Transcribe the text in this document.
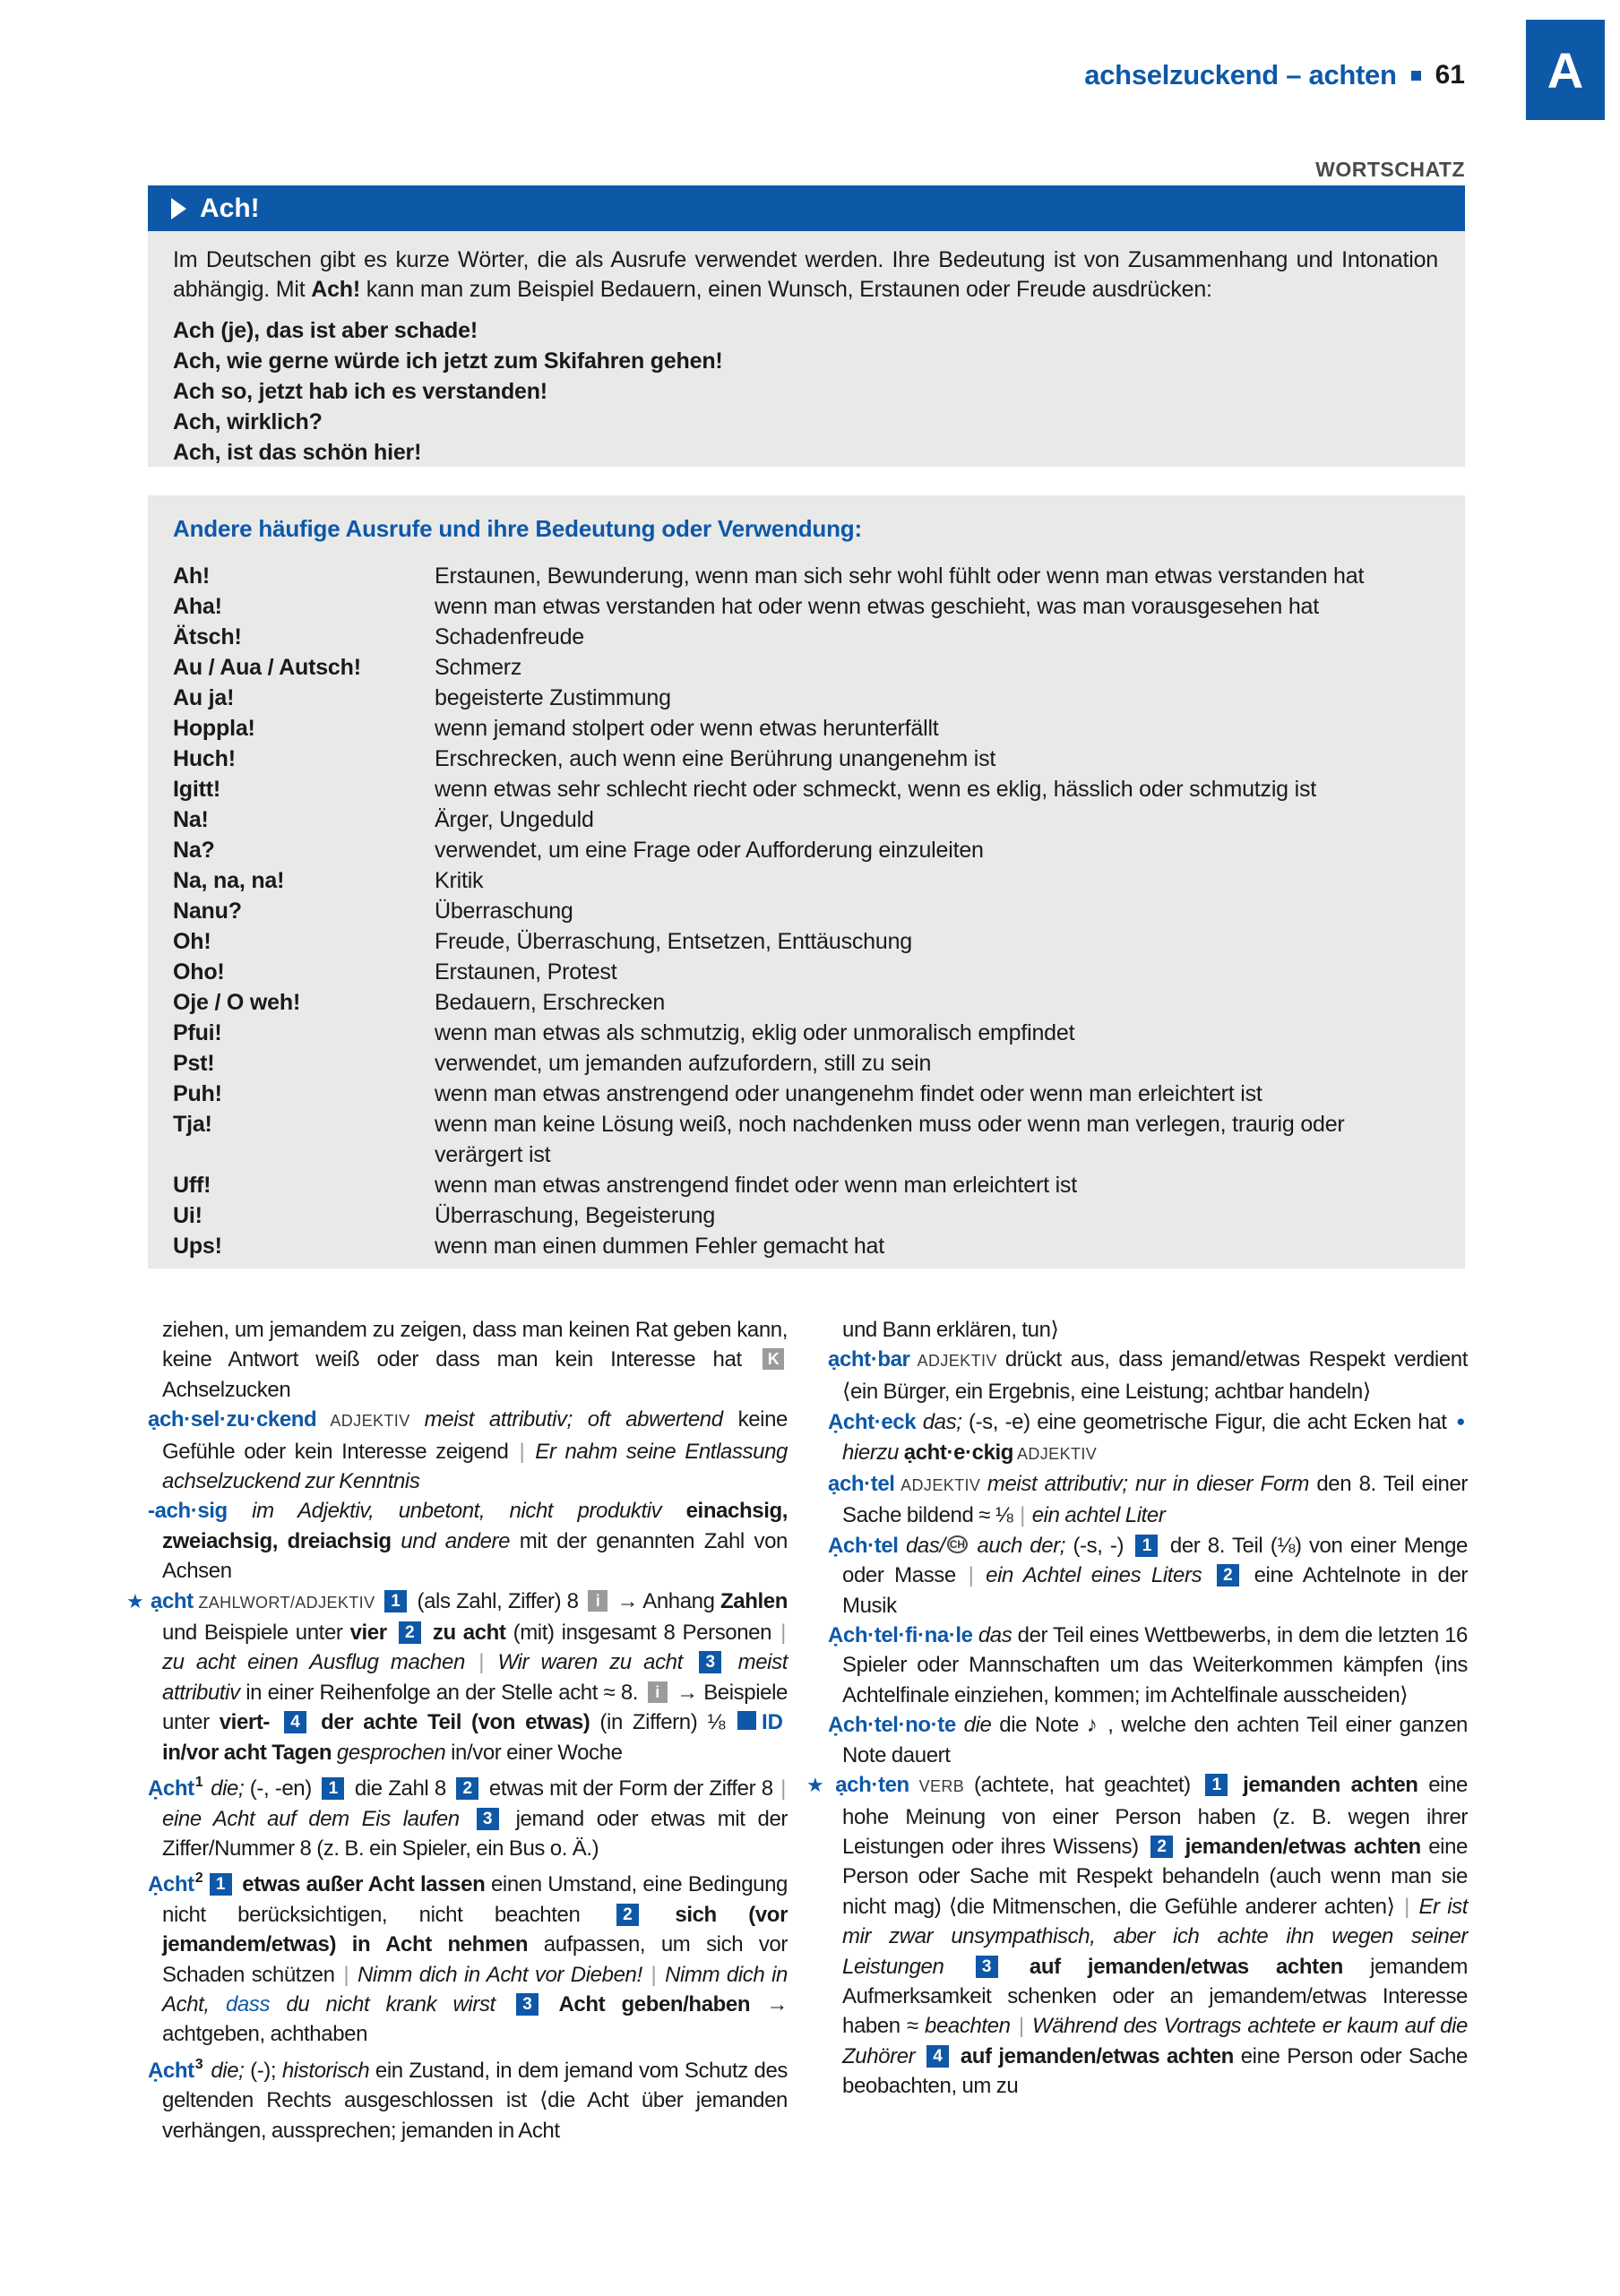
A
achselzuckend – achten 61
WORTSCHATZ
Ach!
Im Deutschen gibt es kurze Wörter, die als Ausrufe verwendet werden. Ihre Bedeutung ist von Zusammenhang und Intonation abhängig. Mit Ach! kann man zum Beispiel Bedauern, einen Wunsch, Erstaunen oder Freude ausdrücken:
Ach (je), das ist aber schade!
Ach, wie gerne würde ich jetzt zum Skifahren gehen!
Ach so, jetzt hab ich es verstanden!
Ach, wirklich?
Ach, ist das schön hier!
Andere häufige Ausrufe und ihre Bedeutung oder Verwendung:
Ah!	Erstaunen, Bewunderung, wenn man sich sehr wohl fühlt oder wenn man etwas verstanden hat
Aha!	wenn man etwas verstanden hat oder wenn etwas geschieht, was man vorausgesehen hat
Ätsch!	Schadenfreude
Au / Aua / Autsch!	Schmerz
Au ja!	begeisterte Zustimmung
Hoppla!	wenn jemand stolpert oder wenn etwas herunterfällt
Huch!	Erschrecken, auch wenn eine Berührung unangenehm ist
Igitt!	wenn etwas sehr schlecht riecht oder schmeckt, wenn es eklig, hässlich oder schmutzig ist
Na!	Ärger, Ungeduld
Na?	verwendet, um eine Frage oder Aufforderung einzuleiten
Na, na, na!	Kritik
Nanu?	Überraschung
Oh!	Freude, Überraschung, Entsetzen, Enttäuschung
Oho!	Erstaunen, Protest
Oje / O weh!	Bedauern, Erschrecken
Pfui!	wenn man etwas als schmutzig, eklig oder unmoralisch empfindet
Pst!	verwendet, um jemanden aufzufordern, still zu sein
Puh!	wenn man etwas anstrengend oder unangenehm findet oder wenn man erleichtert ist
Tja!	wenn man keine Lösung weiß, noch nachdenken muss oder wenn man verlegen, traurig oder verärgert ist
Uff!	wenn man etwas anstrengend findet oder wenn man erleichtert ist
Ui!	Überraschung, Begeisterung
Ups!	wenn man einen dummen Fehler gemacht hat
ziehen, um jemandem zu zeigen, dass man keinen Rat geben kann, keine Antwort weiß oder dass man kein Interesse hat K Achselzucken
ạch·sel·zu·ckend ADJEKTIV meist attributiv; oft abwertend keine Gefühle oder kein Interesse zeigend | Er nahm seine Entlassung achselzuckend zur Kenntnis
-ach·sig im Adjektiv, unbetont, nicht produktiv einachsig, zweiachsig, dreiachsig und andere mit der genannten Zahl von Achsen
★ ạcht ZAHLWORT/ADJEKTIV 1 (als Zahl, Ziffer) 8 i → Anhang Zahlen und Beispiele unter vier 2 zu acht (mit) insgesamt 8 Personen | zu acht einen Ausflug machen | Wir waren zu acht 3 meist attributiv in einer Reihenfolge an der Stelle acht ≈ 8. i → Beispiele unter viert- 4 der achte Teil (von etwas) (in Ziffern) ⅛ ID in/vor acht Tagen gesprochen in/vor einer Woche
Ạcht$^1$ die; (-, -en) 1 die Zahl 8 2 etwas mit der Form der Ziffer 8 | eine Acht auf dem Eis laufen 3 jemand oder etwas mit der Ziffer/Nummer 8 (z. B. ein Spieler, ein Bus o. Ä.)
Ạcht$^2$ 1 etwas außer Acht lassen einen Umstand, eine Bedingung nicht berücksichtigen, nicht beachten 2 sich (vor jemandem/etwas) in Acht nehmen aufpassen, um sich vor Schaden schützen | Nimm dich in Acht vor Dieben! | Nimm dich in Acht, dass du nicht krank wirst 3 Acht geben/haben → achtgeben, achthaben
Ạcht$^3$ die; (-); historisch ein Zustand, in dem jemand vom Schutz des geltenden Rechts ausgeschlossen ist ⟨die Acht über jemanden verhängen, aussprechen; jemanden in Acht
und Bann erklären, tun⟩
ạcht·bar ADJEKTIV drückt aus, dass jemand/etwas Respekt verdient ⟨ein Bürger, ein Ergebnis, eine Leistung; achtbar handeln⟩
Ạcht·eck das; (-s, -e) eine geometrische Figur, die acht Ecken hat ● hierzu ạcht·e·ckig ADJEKTIV
ạch·tel ADJEKTIV meist attributiv; nur in dieser Form den 8. Teil einer Sache bildend ≈ ⅛ | ein achtel Liter
Ạch·tel das/ CH auch der; (-s, -) 1 der 8. Teil (⅛) von einer Menge oder Masse | ein Achtel eines Liters 2 eine Achtelnote in der Musik
Ạch·tel·fi·na·le das der Teil eines Wettbewerbs, in dem die letzten 16 Spieler oder Mannschaften um das Weiterkommen kämpfen ⟨ins Achtelfinale einziehen, kommen; im Achtelfinale ausscheiden⟩
Ạch·tel·no·te die die Note ♪ , welche den achten Teil einer ganzen Note dauert
★ ạch·ten VERB (achtete, hat geachtet) 1 jemanden achten eine hohe Meinung von einer Person haben (z. B. wegen ihrer Leistungen oder ihres Wissens) 2 jemanden/etwas achten eine Person oder Sache mit Respekt behandeln (auch wenn man sie nicht mag) ⟨die Mitmenschen, die Gefühle anderer achten⟩ | Er ist mir zwar unsympathisch, aber ich achte ihn wegen seiner Leistungen 3 auf jemanden/etwas achten jemandem Aufmerksamkeit schenken oder an jemandem/etwas Interesse haben ≈ beachten | Während des Vortrags achtete er kaum auf die Zuhörer 4 auf jemanden/etwas achten eine Person oder Sache beobachten, um zu
